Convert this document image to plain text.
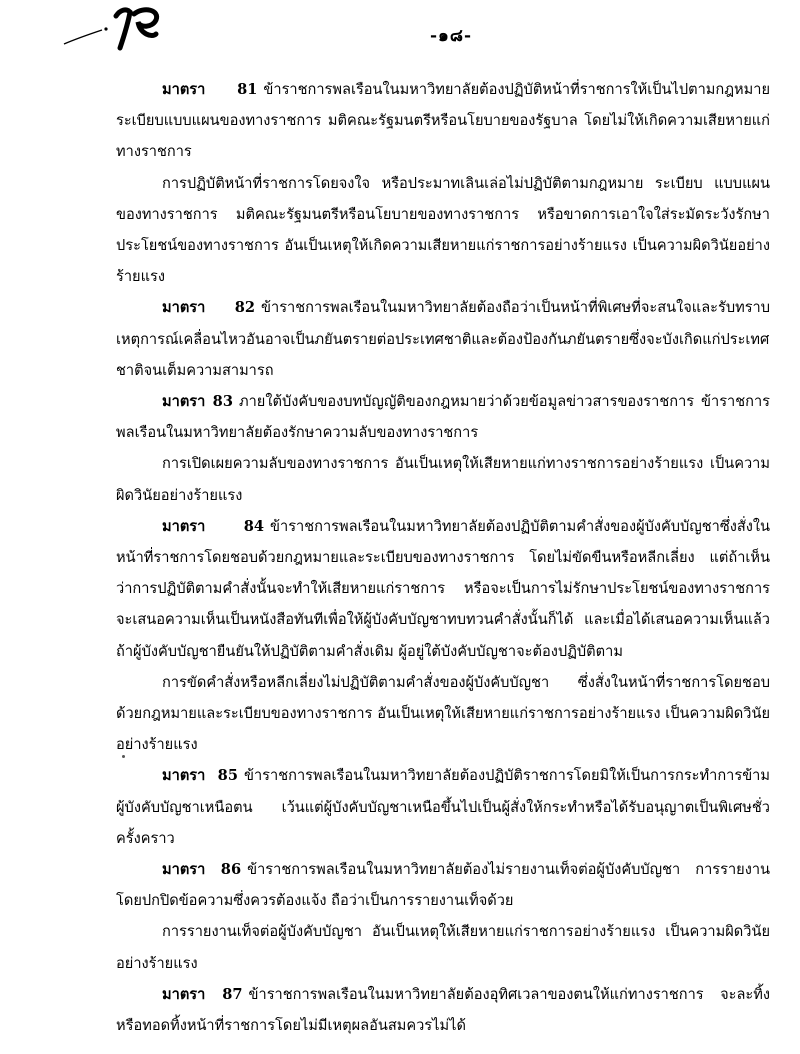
-๑๘-

มาตรา 81 ข้าราชการพลเรือนในมหาวิทยาลัยต้องปฏิบัติหน้าที่ราชการให้เป็นไปตามกฎหมาย ระเบียบแบบแผนของทางราชการ มติคณะรัฐมนตรีหรือนโยบายของรัฐบาล โดยไม่ให้เกิดความเสียหายแก่ทางราชการ

การปฏิบัติหน้าที่ราชการโดยจงใจ หรือประมาทเลินเล่อไม่ปฏิบัติตามกฎหมาย ระเบียบ แบบแผนของทางราชการ มติคณะรัฐมนตรีหรือนโยบายของทางราชการ หรือขาดการเอาใจใส่ระมัดระวังรักษาประโยชน์ของทางราชการ อันเป็นเหตุให้เกิดความเสียหายแก่ราชการอย่างร้ายแรง เป็นความผิดวินัยอย่างร้ายแรง

มาตรา 82 ข้าราชการพลเรือนในมหาวิทยาลัยต้องถือว่าเป็นหน้าที่พิเศษที่จะสนใจและรับทราบเหตุการณ์เคลื่อนไหวอันอาจเป็นภยันตรายต่อประเทศชาติและต้องป้องกันภยันตรายซึ่งจะบังเกิดแก่ประเทศชาติจนเต็มความสามารถ

มาตรา 83 ภายใต้บังคับของบทบัญญัติของกฎหมายว่าด้วยข้อมูลข่าวสารของราชการ ข้าราชการพลเรือนในมหาวิทยาลัยต้องรักษาความลับของทางราชการ

การเปิดเผยความลับของทางราชการ อันเป็นเหตุให้เสียหายแก่ทางราชการอย่างร้ายแรง เป็นความผิดวินัยอย่างร้ายแรง

มาตรา 84 ข้าราชการพลเรือนในมหาวิทยาลัยต้องปฏิบัติตามคำสั่งของผู้บังคับบัญชาซึ่งสั่งในหน้าที่ราชการโดยชอบด้วยกฎหมายและระเบียบของทางราชการ โดยไม่ขัดขืนหรือหลีกเลี่ยง แต่ถ้าเห็นว่าการปฏิบัติตามคำสั่งนั้นจะทำให้เสียหายแก่ราชการ หรือจะเป็นการไม่รักษาประโยชน์ของทางราชการจะเสนอความเห็นเป็นหนังสือทันทีเพื่อให้ผู้บังคับบัญชาทบทวนคำสั่งนั้นก็ได้ และเมื่อได้เสนอความเห็นแล้ว ถ้าผู้บังคับบัญชายืนยันให้ปฏิบัติตามคำสั่งเดิม ผู้อยู่ใต้บังคับบัญชาจะต้องปฏิบัติตาม

การขัดคำสั่งหรือหลีกเลี่ยงไม่ปฏิบัติตามคำสั่งของผู้บังคับบัญชา ซึ่งสั่งในหน้าที่ราชการโดยชอบด้วยกฎหมายและระเบียบของทางราชการ อันเป็นเหตุให้เสียหายแก่ราชการอย่างร้ายแรง เป็นความผิดวินัยอย่างร้ายแรง

มาตรา 85 ข้าราชการพลเรือนในมหาวิทยาลัยต้องปฏิบัติราชการโดยมิให้เป็นการกระทำการข้ามผู้บังคับบัญชาเหนือตน เว้นแต่ผู้บังคับบัญชาเหนือขึ้นไปเป็นผู้สั่งให้กระทำหรือได้รับอนุญาตเป็นพิเศษชั่วครั้งคราว

มาตรา 86 ข้าราชการพลเรือนในมหาวิทยาลัยต้องไม่รายงานเท็จต่อผู้บังคับบัญชา การรายงานโดยปกปิดข้อความซึ่งควรต้องแจ้ง ถือว่าเป็นการรายงานเท็จด้วย

การรายงานเท็จต่อผู้บังคับบัญชา อันเป็นเหตุให้เสียหายแก่ราชการอย่างร้ายแรง เป็นความผิดวินัยอย่างร้ายแรง

มาตรา 87 ข้าราชการพลเรือนในมหาวิทยาลัยต้องอุทิศเวลาของตนให้แก่ทางราชการ จะละทิ้งหรือทอดทิ้งหน้าที่ราชการโดยไม่มีเหตุผลอันสมควรไม่ได้
